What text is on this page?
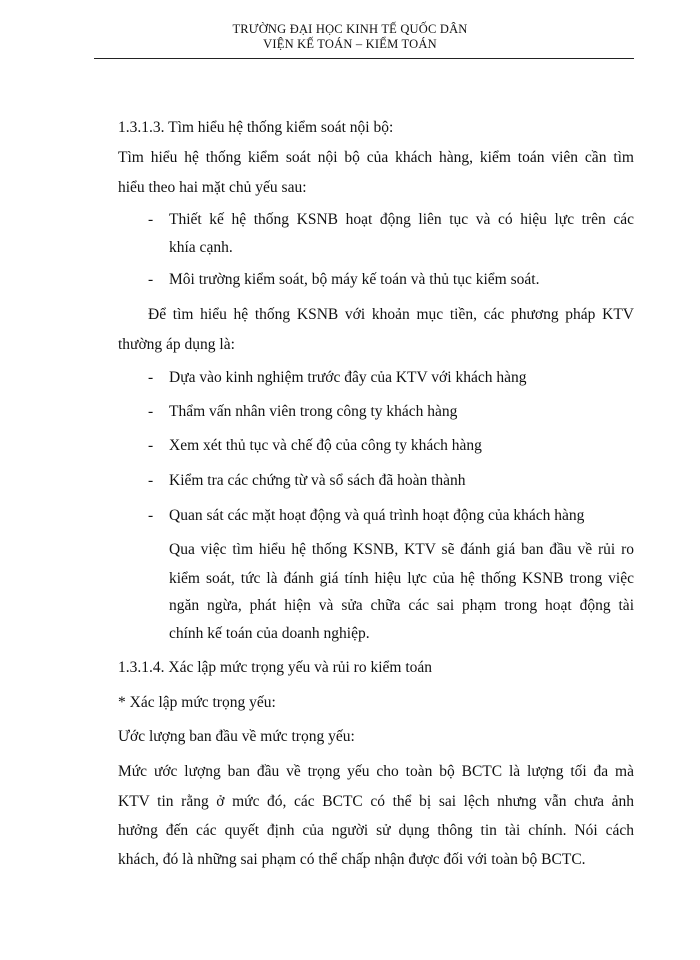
TRƯỜNG ĐẠI HỌC KINH TẾ QUỐC DÂN
VIỆN KẾ TOÁN – KIỂM TOÁN
1.3.1.3. Tìm hiểu hệ thống kiểm soát nội bộ:
Tìm hiểu hệ thống kiểm soát nội bộ của khách hàng, kiểm toán viên cần tìm
hiểu theo hai mặt chủ yếu sau:
- Thiết kế hệ thống KSNB hoạt động liên tục và có hiệu lực trên các
khía cạnh.
- Môi trường kiểm soát, bộ máy kế toán và thủ tục kiểm soát.
Để tìm hiểu hệ thống KSNB với khoản mục tiền, các phương pháp KTV
thường áp dụng là:
- Dựa vào kinh nghiệm trước đây của KTV với khách hàng
- Thẩm vấn nhân viên trong công ty khách hàng
- Xem xét thủ tục và chế độ của công ty khách hàng
- Kiểm tra các chứng từ và sổ sách đã hoàn thành
- Quan sát các mặt hoạt động và quá trình hoạt động của khách hàng
Qua việc tìm hiểu hệ thống KSNB, KTV sẽ đánh giá ban đầu về rủi ro
kiểm soát, tức là đánh giá tính hiệu lực của hệ thống KSNB trong việc
ngăn ngừa, phát hiện và sửa chữa các sai phạm trong hoạt động tài
chính kế toán của doanh nghiệp.
1.3.1.4. Xác lập mức trọng yếu và rủi ro kiểm toán
* Xác lập mức trọng yếu:
Ước lượng ban đầu về mức trọng yếu:
Mức ước lượng ban đầu về trọng yếu cho toàn bộ BCTC là lượng tối đa mà
KTV tin rằng ở mức đó, các BCTC có thể bị sai lệch nhưng vẫn chưa ảnh
hưởng đến các quyết định của người sử dụng thông tin tài chính. Nói cách
khách, đó là những sai phạm có thể chấp nhận được đối với toàn bộ BCTC.
